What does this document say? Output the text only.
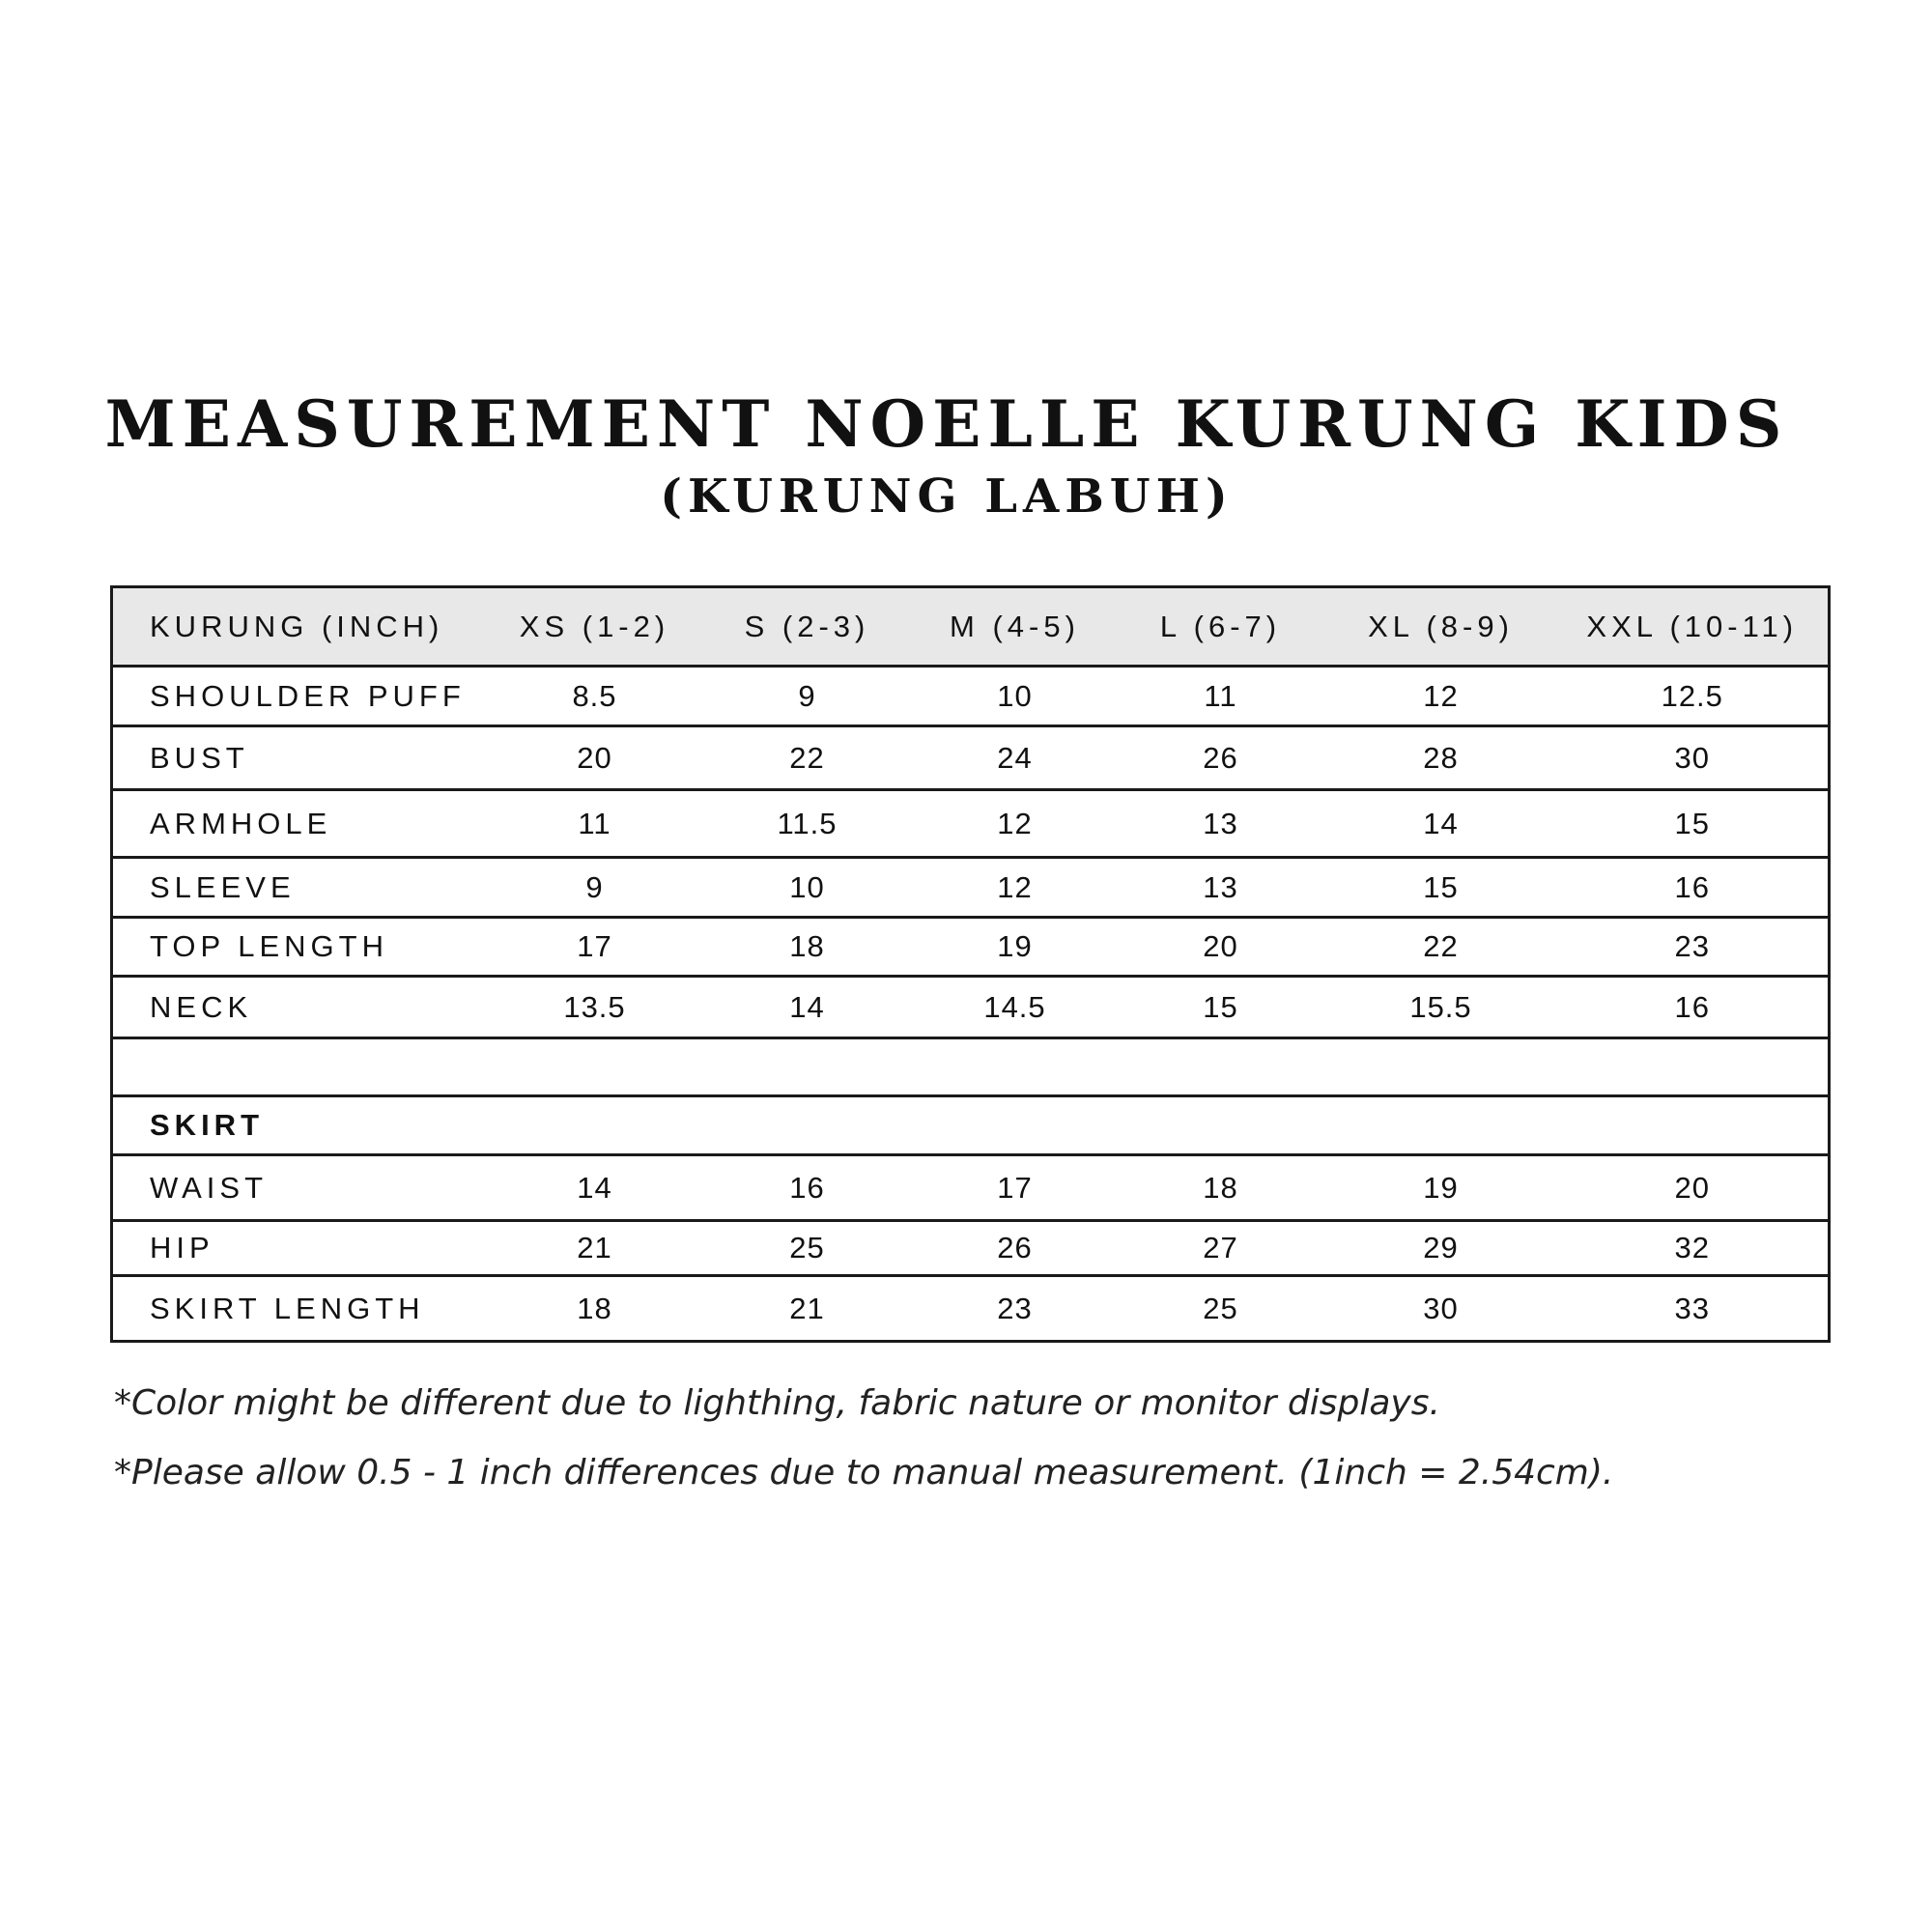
MEASUREMENT NOELLE KURUNG KIDS
(KURUNG LABUH)
KURUNG (INCH)	XS (1-2)	S (2-3)	M (4-5)	L (6-7)	XL (8-9)	XXL (10-11)
SHOULDER PUFF	8.5	9	10	11	12	12.5
BUST	20	22	24	26	28	30
ARMHOLE	11	11.5	12	13	14	15
SLEEVE	9	10	12	13	15	16
TOP LENGTH	17	18	19	20	22	23
NECK	13.5	14	14.5	15	15.5	16

SKIRT						
WAIST	14	16	17	18	19	20
HIP	21	25	26	27	29	32
SKIRT LENGTH	18	21	23	25	30	33

*Color might be different due to lighthing, fabric nature or monitor displays.

*Please allow 0.5 - 1 inch differences due to manual measurement. (1inch = 2.54cm).
